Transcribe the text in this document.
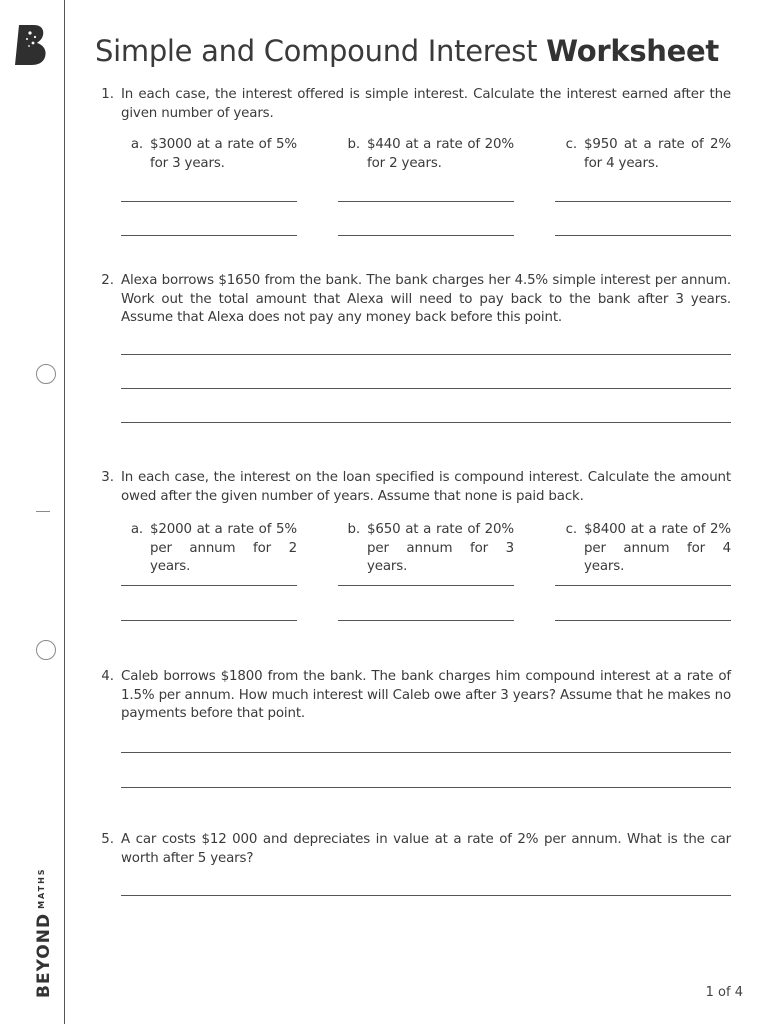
$BEYOND^{MATHS}$
Simple and Compound Interest Worksheet
1. In each case, the interest offered is simple interest. Calculate the interest earned after the given number of years.
a. $3000 at a rate of 5% for 3 years.
b. $440 at a rate of 20% for 2 years.
c. $950 at a rate of 2% for 4 years.
2. Alexa borrows $1650 from the bank. The bank charges her 4.5% simple interest per annum. Work out the total amount that Alexa will need to pay back to the bank after 3 years. Assume that Alexa does not pay any money back before this point.
3. In each case, the interest on the loan specified is compound interest. Calculate the amount owed after the given number of years. Assume that none is paid back.
a. $2000 at a rate of 5% per annum for 2 years.
b. $650 at a rate of 20% per annum for 3 years.
c. $8400 at a rate of 2% per annum for 4 years.
4. Caleb borrows $1800 from the bank. The bank charges him compound interest at a rate of 1.5% per annum. How much interest will Caleb owe after 3 years? Assume that he makes no payments before that point.
5. A car costs $12 000 and depreciates in value at a rate of 2% per annum. What is the car worth after 5 years?
1 of 4
